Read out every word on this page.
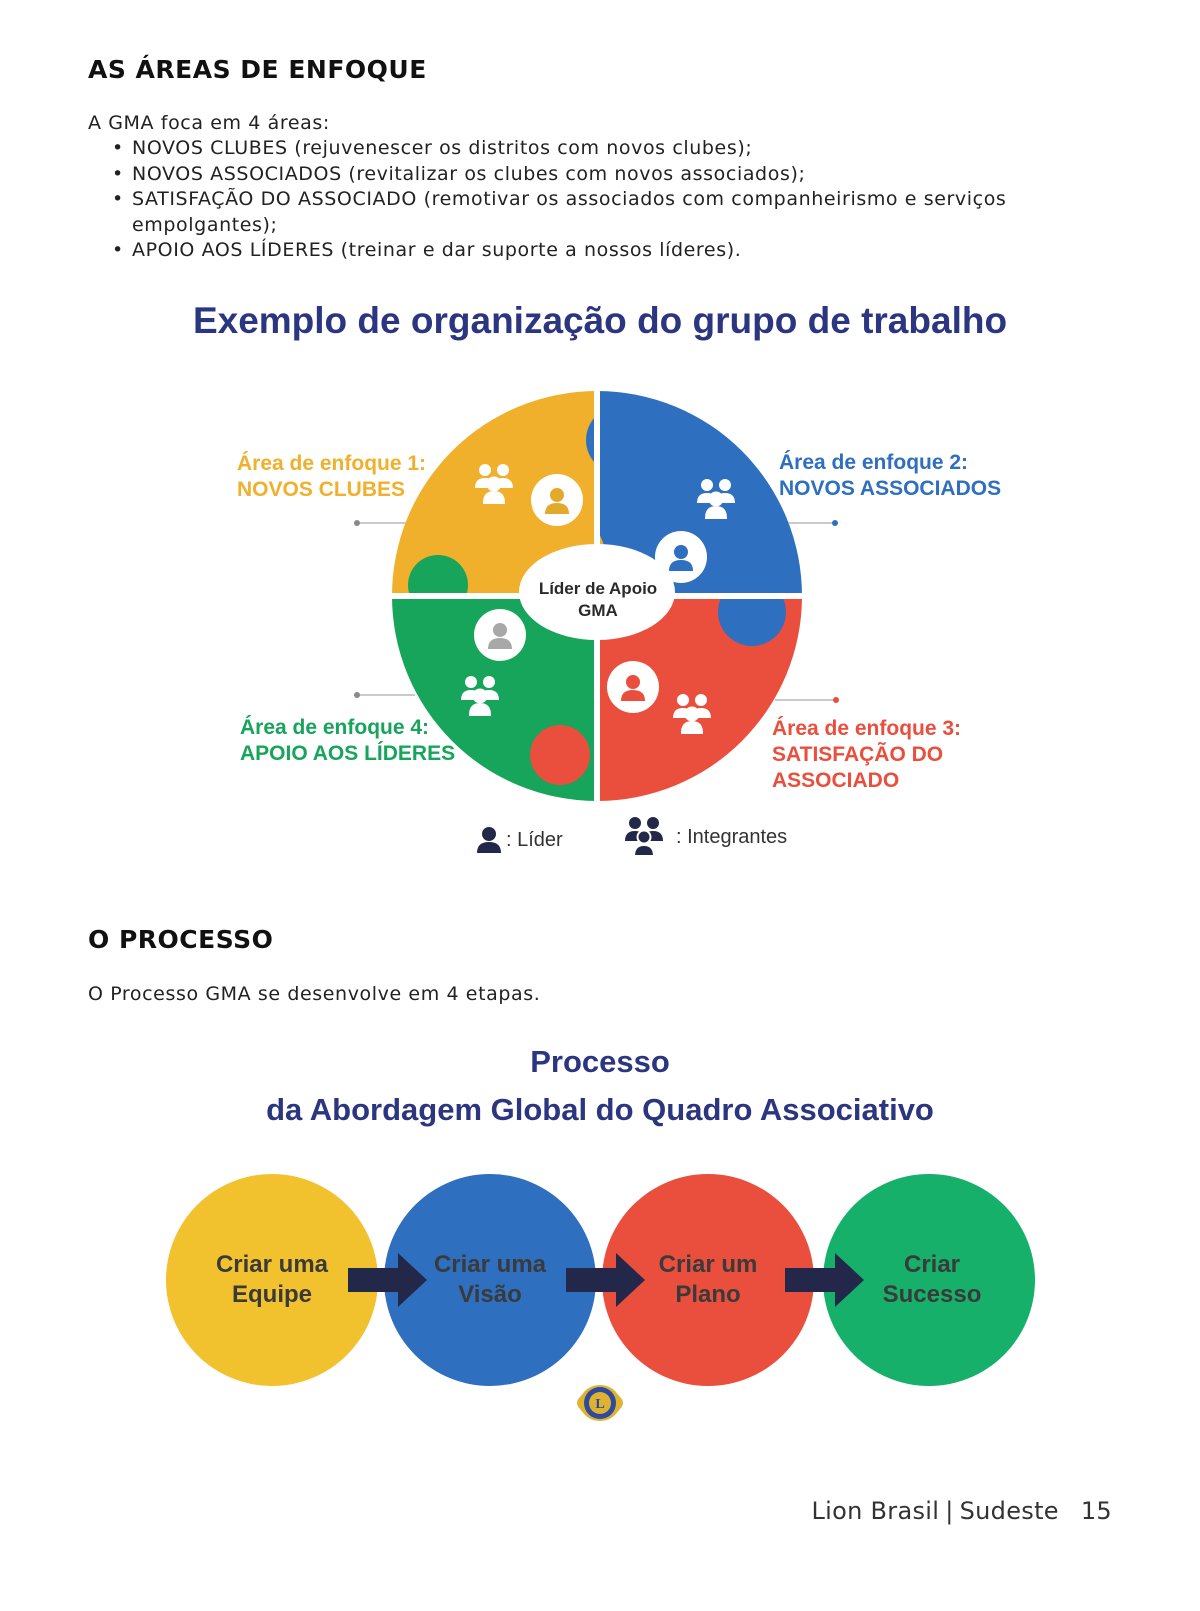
AS ÁREAS DE ENFOQUE
A GMA foca em 4 áreas:
• NOVOS CLUBES (rejuvenescer os distritos com novos clubes);
• NOVOS ASSOCIADOS (revitalizar os clubes com novos associados);
• SATISFAÇÃO DO ASSOCIADO (remotivar os associados com companheirismo e serviços empolgantes);
• APOIO AOS LÍDERES (treinar e dar suporte a nossos líderes).
Exemplo de organização do grupo de trabalho
Líder de Apoio
GMA
Área de enfoque 1:
NOVOS CLUBES
Área de enfoque 2:
NOVOS ASSOCIADOS
Área de enfoque 3:
SATISFAÇÃO DO
ASSOCIADO
Área de enfoque 4:
APOIO AOS LÍDERES
: Líder	: Integrantes
O PROCESSO
O Processo GMA se desenvolve em 4 etapas.
Processo
da Abordagem Global do Quadro Associativo
L
Criar uma
Equipe
Criar uma
Visão
Criar um
Plano
Criar
Sucesso
Lion Brasil | Sudeste 15
